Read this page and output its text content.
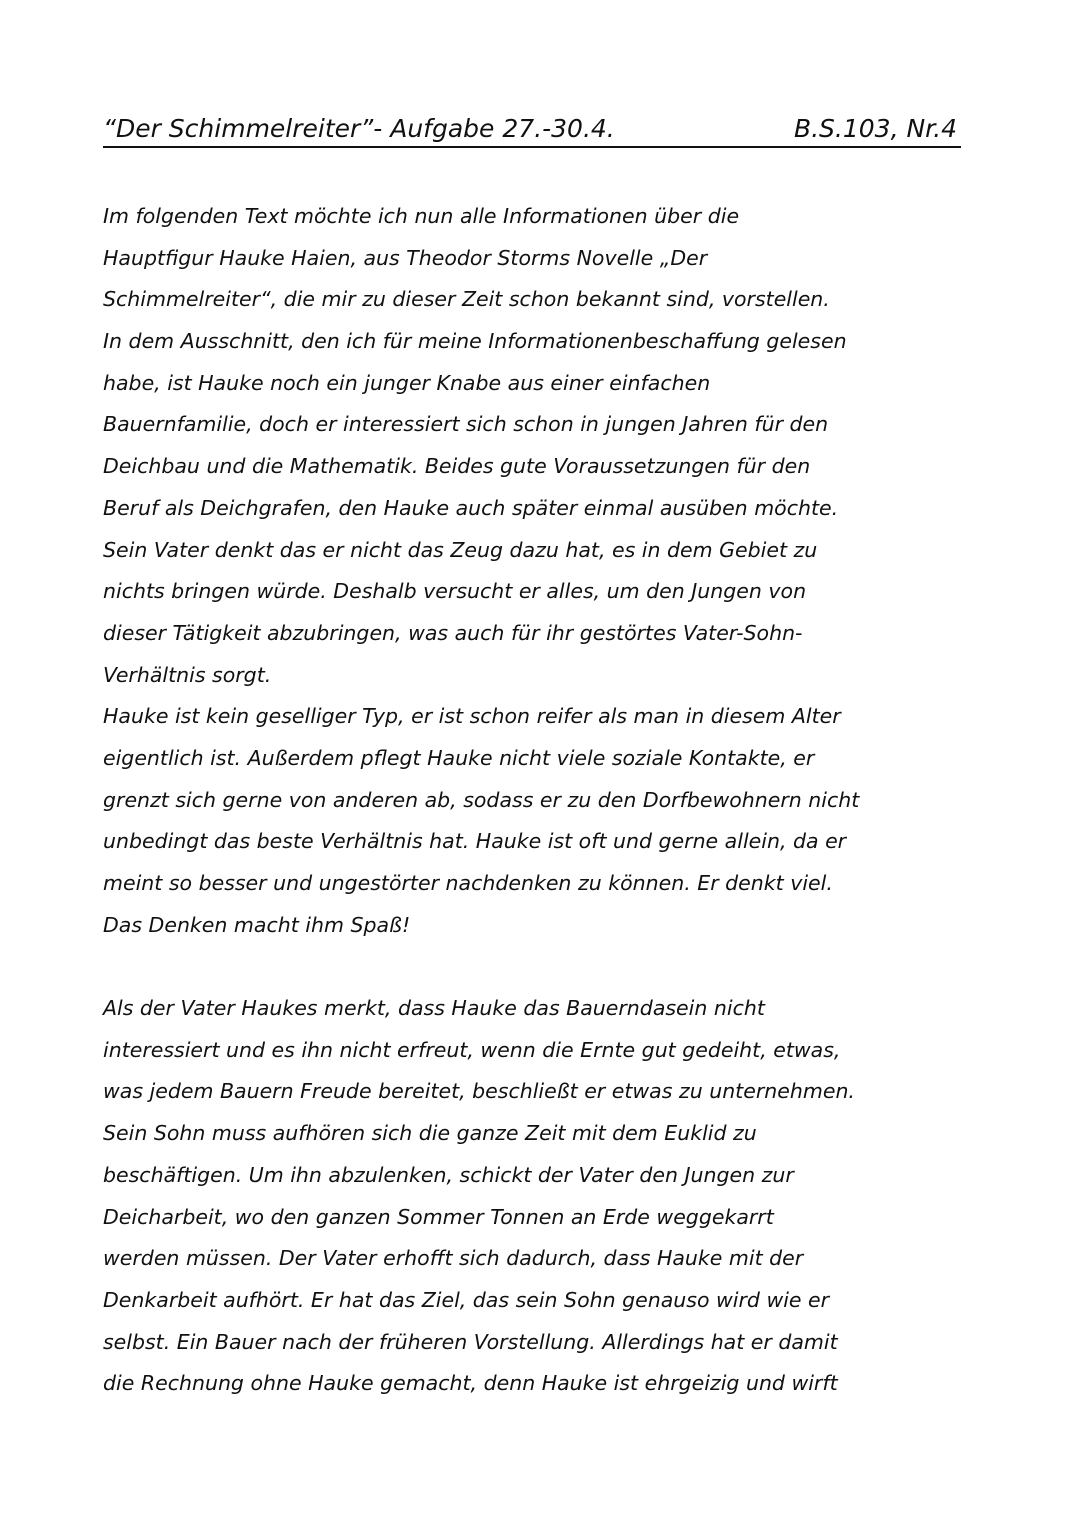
“Der Schimmelreiter”- Aufgabe 27.-30.4.	B.S.103, Nr.4
Im folgenden Text möchte ich nun alle Informationen über die
Hauptfigur Hauke Haien, aus Theodor Storms Novelle „Der
Schimmelreiter“, die mir zu dieser Zeit schon bekannt sind, vorstellen.
In dem Ausschnitt, den ich für meine Informationenbeschaffung gelesen
habe, ist Hauke noch ein junger Knabe aus einer einfachen
Bauernfamilie, doch er interessiert sich schon in jungen Jahren für den
Deichbau und die Mathematik. Beides gute Voraussetzungen für den
Beruf als Deichgrafen, den Hauke auch später einmal ausüben möchte.
Sein Vater denkt das er nicht das Zeug dazu hat, es in dem Gebiet zu
nichts bringen würde. Deshalb versucht er alles, um den Jungen von
dieser Tätigkeit abzubringen, was auch für ihr gestörtes Vater-Sohn-
Verhältnis sorgt.
Hauke ist kein geselliger Typ, er ist schon reifer als man in diesem Alter
eigentlich ist. Außerdem pflegt Hauke nicht viele soziale Kontakte, er
grenzt sich gerne von anderen ab, sodass er zu den Dorfbewohnern nicht
unbedingt das beste Verhältnis hat. Hauke ist oft und gerne allein, da er
meint so besser und ungestörter nachdenken zu können. Er denkt viel.
Das Denken macht ihm Spaß!
Als der Vater Haukes merkt, dass Hauke das Bauerndasein nicht
interessiert und es ihn nicht erfreut, wenn die Ernte gut gedeiht, etwas,
was jedem Bauern Freude bereitet, beschließt er etwas zu unternehmen.
Sein Sohn muss aufhören sich die ganze Zeit mit dem Euklid zu
beschäftigen. Um ihn abzulenken, schickt der Vater den Jungen zur
Deicharbeit, wo den ganzen Sommer Tonnen an Erde weggekarrt
werden müssen. Der Vater erhofft sich dadurch, dass Hauke mit der
Denkarbeit aufhört. Er hat das Ziel, das sein Sohn genauso wird wie er
selbst. Ein Bauer nach der früheren Vorstellung. Allerdings hat er damit
die Rechnung ohne Hauke gemacht, denn Hauke ist ehrgeizig und wirft
